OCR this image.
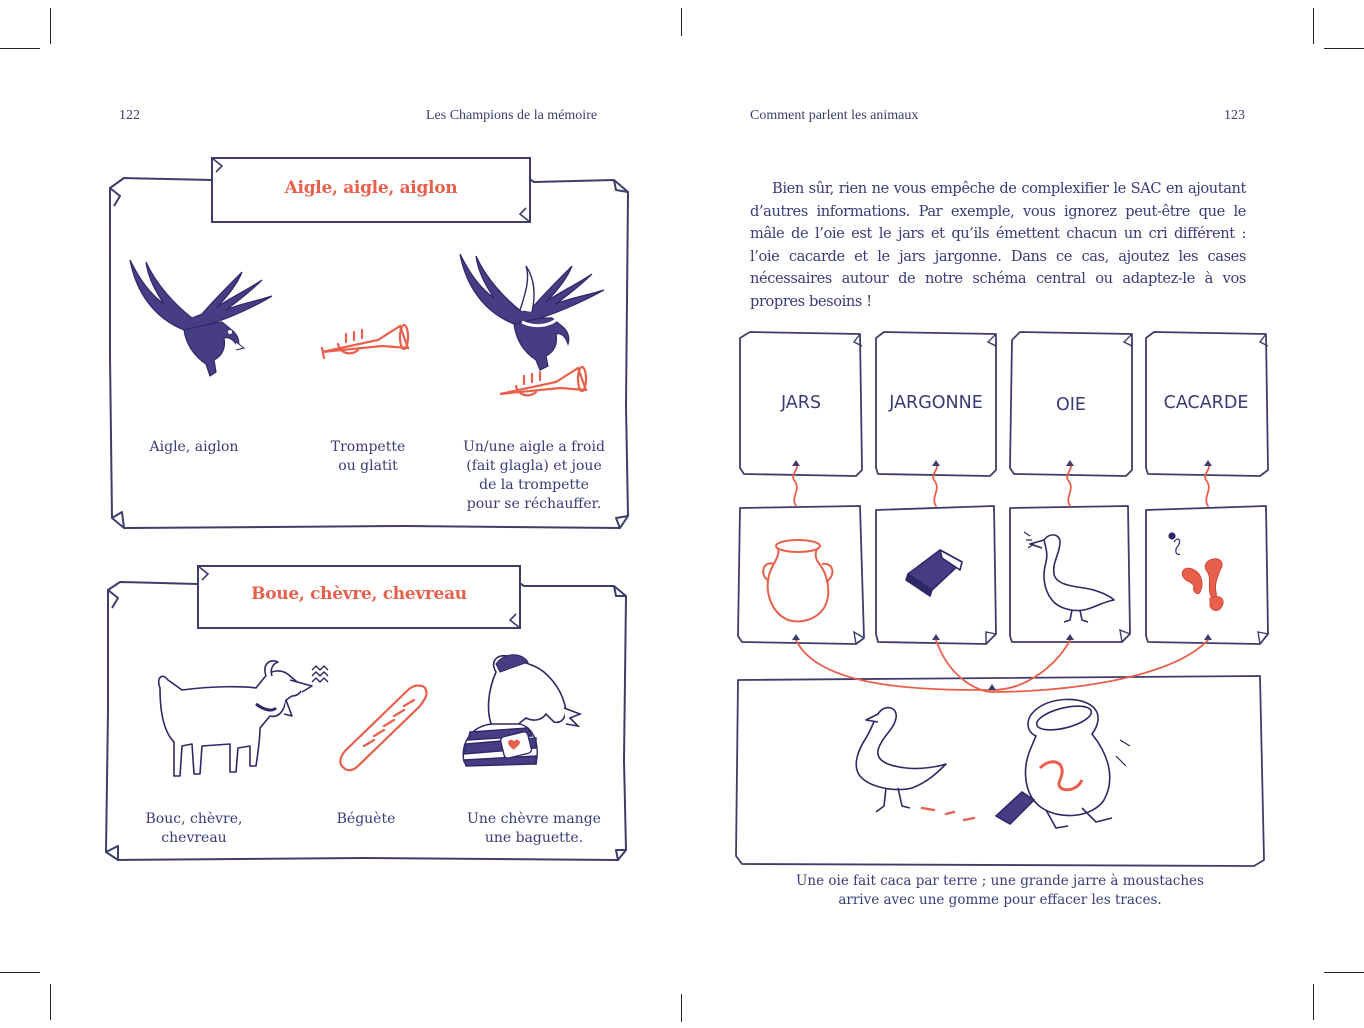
122	Les Champions de la mémoire	Comment parlent les animaux	123
Aigle, aigle, aiglon
Aigle, aiglon	Trompette ou glatit
Un/une aigle a froid (fait glagla) et joue de la trompette pour se réchauffer.
Boue, chèvre, chevreau
Bouc, chèvre, chevreau
Béguète	Une chèvre mange une baguette.

Bien sûr, rien ne vous empêche de complexifier le SAC en ajoutant d’autres informations. Par exemple, vous ignorez peut-être que le mâle de l’oie est le jars et qu’ils émettent chacun un cri différent : l’oie cacarde et le jars jargonne. Dans ce cas, ajoutez les cases nécessaires autour de notre schéma central ou adaptez-le à vos propres besoins !

JARS	JARGONNE	OIE	CACARDE
Une oie fait caca par terre ; une grande jarre à moustaches
arrive avec une gomme pour effacer les traces.
